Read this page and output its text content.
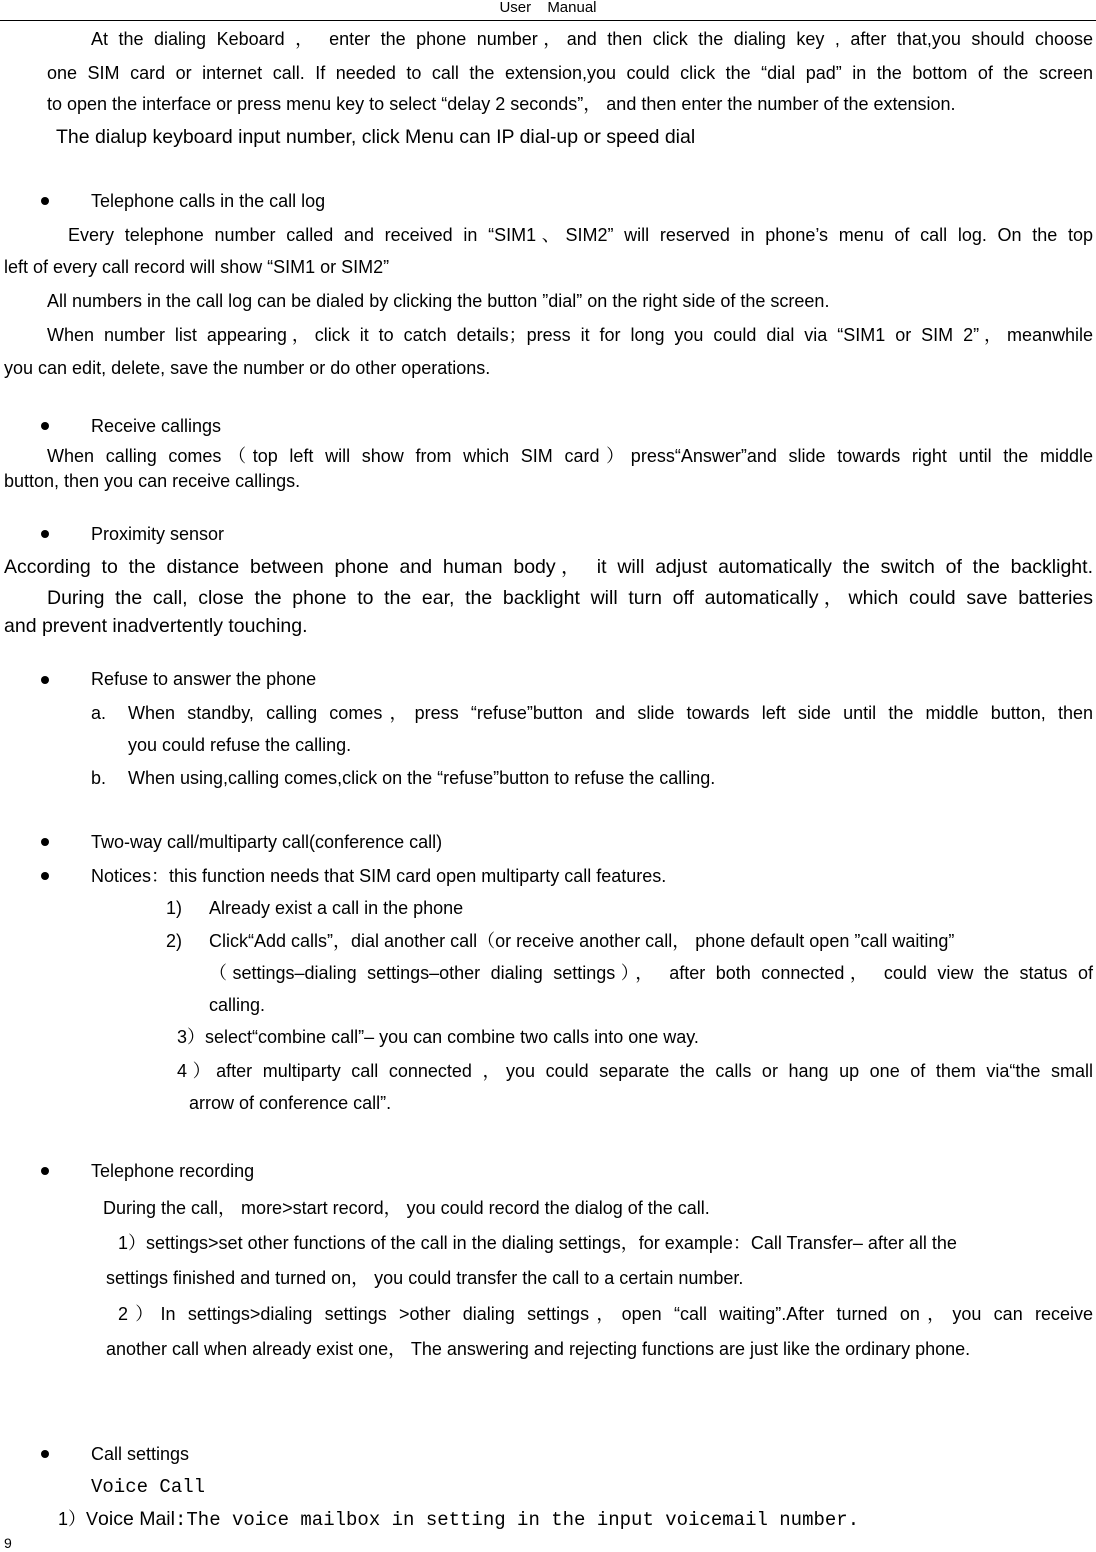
User Manual
At the dialing Keboard ， enter the phone number，and then click the dialing key , after that,you should choose
one SIM card or internet call. If needed to call the extension,you could click the “dial pad” in the bottom of the screen
to open the interface or press menu key to select “delay 2 seconds”， and then enter the number of the extension.
The dialup keyboard input number, click Menu can IP dial-up or speed dial
Telephone calls in the call log
Every telephone number called and received in “SIM1、SIM2” will reserved in phone’s menu of call log. On the top
left of every call record will show “SIM1 or SIM2”
All numbers in the call log can be dialed by clicking the button ”dial” on the right side of the screen.
When number list appearing，click it to catch details；press it for long you could dial via “SIM1 or SIM 2”，meanwhile
you can edit, delete, save the number or do other operations.
Receive callings
When calling comes（top left will show from which SIM card）press“Answer”and slide towards right until the middle
button, then you can receive callings.
Proximity sensor
According to the distance between phone and human body， it will adjust automatically the switch of the backlight.
During the call, close the phone to the ear, the backlight will turn off automatically，which could save batteries
and prevent inadvertently touching.
Refuse to answer the phone
a. When standby, calling comes，press “refuse”button and slide towards left side until the middle button, then
you could refuse the calling.
b. When using,calling comes,click on the “refuse”button to refuse the calling.
Two-way call/multiparty call(conference call)
Notices：this function needs that SIM card open multiparty call features.
1) Already exist a call in the phone
2) Click“Add calls”，dial another call（or receive another call， phone default open ”call waiting”
（settings–dialing settings–other dialing settings）， after both connected， could view the status of
calling.
3）select“combine call”– you can combine two calls into one way.
4）after multiparty call connected ，you could separate the calls or hang up one of them via“the small
arrow of conference call”.
Telephone recording
During the call， more>start record， you could record the dialog of the call.
1）settings>set other functions of the call in the dialing settings，for example：Call Transfer– after all the
settings finished and turned on， you could transfer the call to a certain number.
2）In settings>dialing settings >other dialing settings，open “call waiting”.After turned on，you can receive
another call when already exist one， The answering and rejecting functions are just like the ordinary phone.
Call settings
Voice Call
1）Voice Mail:The voice mailbox in setting in the input voicemail number.
9
